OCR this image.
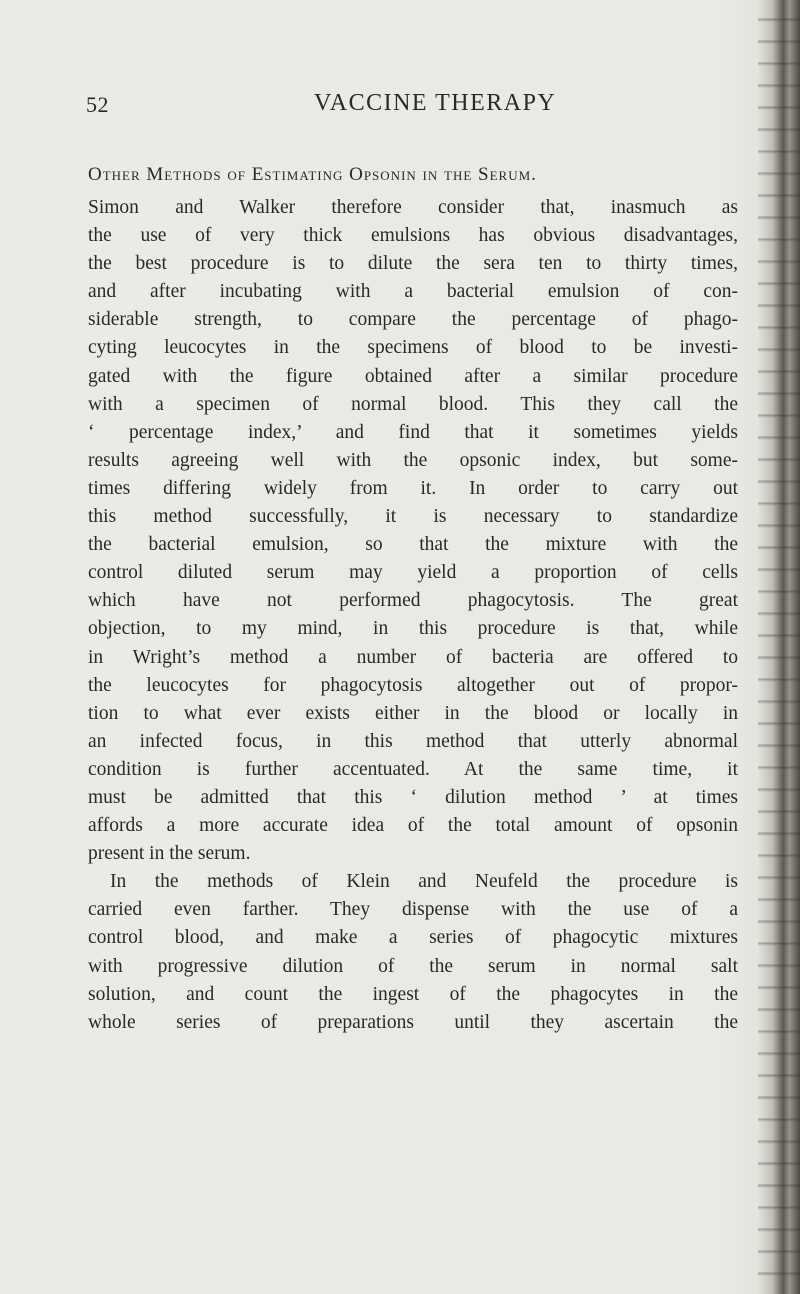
52	VACCINE THERAPY
Other Methods of Estimating Opsonin in the Serum.
Simon and Walker therefore consider that, inasmuch as
the use of very thick emulsions has obvious disadvantages,
the best procedure is to dilute the sera ten to thirty times,
and after incubating with a bacterial emulsion of con-
siderable strength, to compare the percentage of phago-
cyting leucocytes in the specimens of blood to be investi-
gated with the figure obtained after a similar procedure
with a specimen of normal blood. This they call the
‘ percentage index,’ and find that it sometimes yields
results agreeing well with the opsonic index, but some-
times differing widely from it. In order to carry out
this method successfully, it is necessary to standardize
the bacterial emulsion, so that the mixture with the
control diluted serum may yield a proportion of cells
which have not performed phagocytosis. The great
objection, to my mind, in this procedure is that, while
in Wright’s method a number of bacteria are offered to
the leucocytes for phagocytosis altogether out of propor-
tion to what ever exists either in the blood or locally in
an infected focus, in this method that utterly abnormal
condition is further accentuated. At the same time, it
must be admitted that this ‘ dilution method ’ at times
affords a more accurate idea of the total amount of opsonin
present in the serum.
In the methods of Klein and Neufeld the procedure is
carried even farther. They dispense with the use of a
control blood, and make a series of phagocytic mixtures
with progressive dilution of the serum in normal salt
solution, and count the ingest of the phagocytes in the
whole series of preparations until they ascertain the
